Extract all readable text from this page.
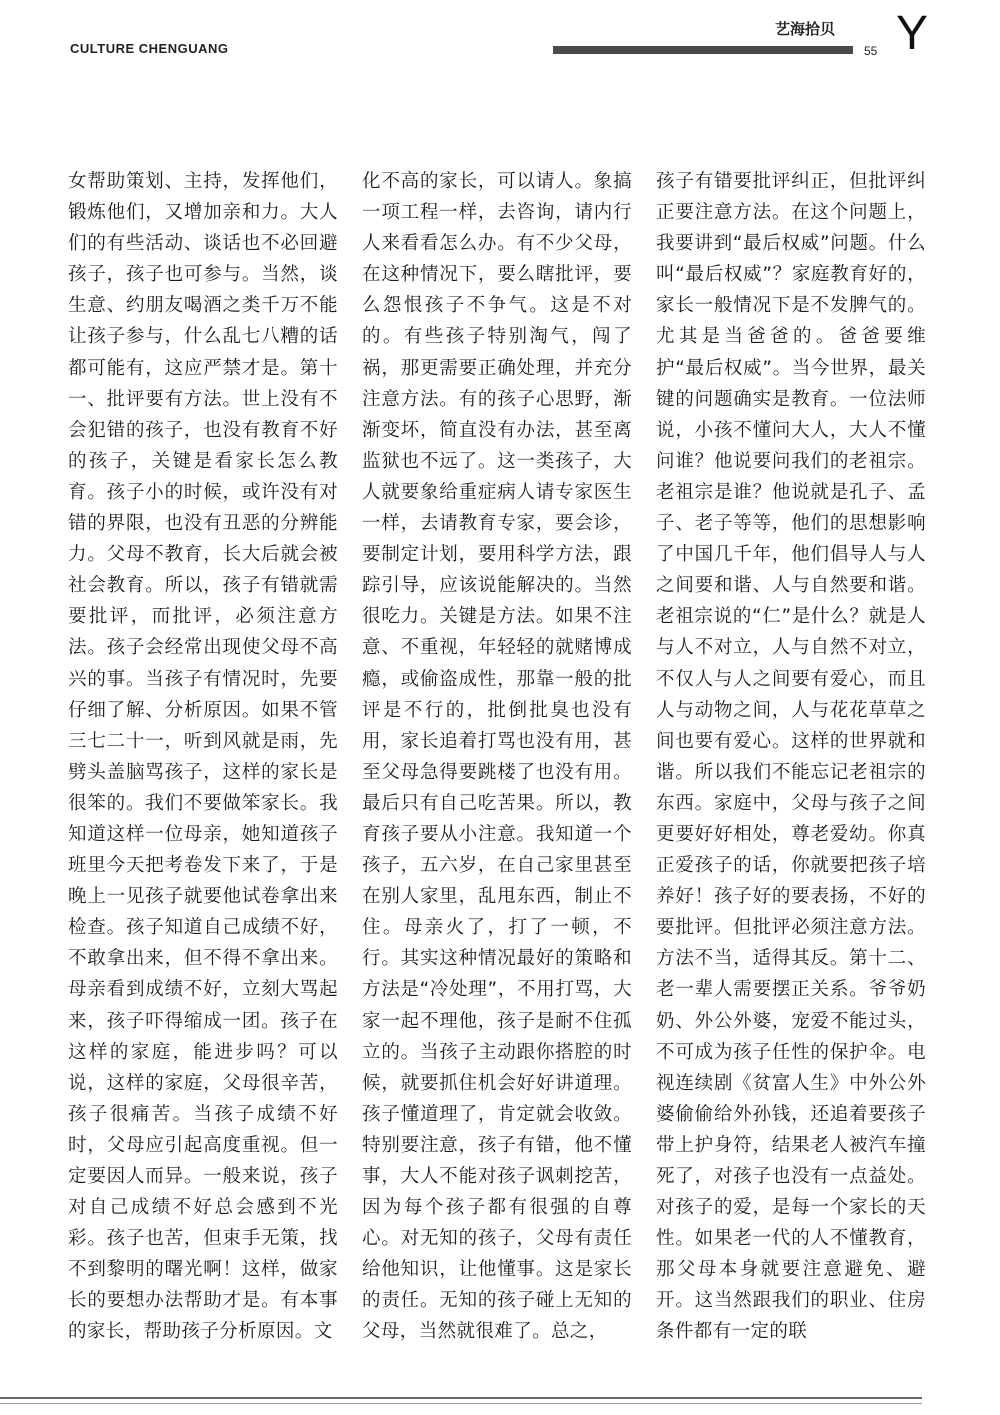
CULTURE CHENGUANG
艺海拾贝
55 Y
女帮助策划、主持，发挥他们，锻炼他们，又增加亲和力。大人们的有些活动、谈话也不必回避孩子，孩子也可参与。当然，谈生意、约朋友喝酒之类千万不能让孩子参与，什么乱七八糟的话都可能有，这应严禁才是。第十一、批评要有方法。世上没有不会犯错的孩子，也没有教育不好的孩子，关键是看家长怎么教育。孩子小的时候，或许没有对错的界限，也没有丑恶的分辨能力。父母不教育，长大后就会被社会教育。所以，孩子有错就需要批评，而批评，必须注意方法。孩子会经常出现使父母不高兴的事。当孩子有情况时，先要仔细了解、分析原因。如果不管三七二十一，听到风就是雨，先劈头盖脑骂孩子，这样的家长是很笨的。我们不要做笨家长。我知道这样一位母亲，她知道孩子班里今天把考卷发下来了，于是晚上一见孩子就要他试卷拿出来检查。孩子知道自己成绩不好，不敢拿出来，但不得不拿出来。母亲看到成绩不好，立刻大骂起来，孩子吓得缩成一团。孩子在这样的家庭，能进步吗？可以说，这样的家庭，父母很辛苦，孩子很痛苦。当孩子成绩不好时，父母应引起高度重视。但一定要因人而异。一般来说，孩子对自己成绩不好总会感到不光彩。孩子也苦，但束手无策，找不到黎明的曙光啊！这样，做家长的要想办法帮助才是。有本事的家长，帮助孩子分析原因。文
化不高的家长，可以请人。象搞一项工程一样，去咨询，请内行人来看看怎么办。有不少父母，在这种情况下，要么瞎批评，要么怨恨孩子不争气。这是不对的。有些孩子特别淘气，闯了祸，那更需要正确处理，并充分注意方法。有的孩子心思野，渐渐变坏，简直没有办法，甚至离监狱也不远了。这一类孩子，大人就要象给重症病人请专家医生一样，去请教育专家，要会诊，要制定计划，要用科学方法，跟踪引导，应该说能解决的。当然很吃力。关键是方法。如果不注意、不重视，年轻轻的就赌博成瘾，或偷盗成性，那靠一般的批评是不行的，批倒批臭也没有用，家长追着打骂也没有用，甚至父母急得要跳楼了也没有用。最后只有自己吃苦果。所以，教育孩子要从小注意。我知道一个孩子，五六岁，在自己家里甚至在别人家里，乱甩东西，制止不住。母亲火了，打了一顿，不行。其实这种情况最好的策略和方法是“冷处理”，不用打骂，大家一起不理他，孩子是耐不住孤立的。当孩子主动跟你搭腔的时候，就要抓住机会好好讲道理。孩子懂道理了，肯定就会收敛。特别要注意，孩子有错，他不懂事，大人不能对孩子讽刺挖苦，因为每个孩子都有很强的自尊心。对无知的孩子，父母有责任给他知识，让他懂事。这是家长的责任。无知的孩子碰上无知的父母，当然就很难了。总之，
孩子有错要批评纠正，但批评纠正要注意方法。在这个问题上，我要讲到“最后权威”问题。什么叫“最后权威”？家庭教育好的，家长一般情况下是不发脾气的。尤其是当爸爸的。爸爸要维护“最后权威”。当今世界，最关键的问题确实是教育。一位法师说，小孩不懂问大人，大人不懂问谁？他说要问我们的老祖宗。老祖宗是谁？他说就是孔子、孟子、老子等等，他们的思想影响了中国几千年，他们倡导人与人之间要和谐、人与自然要和谐。老祖宗说的“仁”是什么？就是人与人不对立，人与自然不对立，不仅人与人之间要有爱心，而且人与动物之间，人与花花草草之间也要有爱心。这样的世界就和谐。所以我们不能忘记老祖宗的东西。家庭中，父母与孩子之间更要好好相处，尊老爱幼。你真正爱孩子的话，你就要把孩子培养好！孩子好的要表扬，不好的要批评。但批评必须注意方法。方法不当，适得其反。第十二、老一辈人需要摆正关系。爷爷奶奶、外公外婆，宠爱不能过头，不可成为孩子任性的保护伞。电视连续剧《贫富人生》中外公外婆偷偷给外孙钱，还追着要孩子带上护身符，结果老人被汽车撞死了，对孩子也没有一点益处。对孩子的爱，是每一个家长的天性。如果老一代的人不懂教育，那父母本身就要注意避免、避开。这当然跟我们的职业、住房条件都有一定的联
